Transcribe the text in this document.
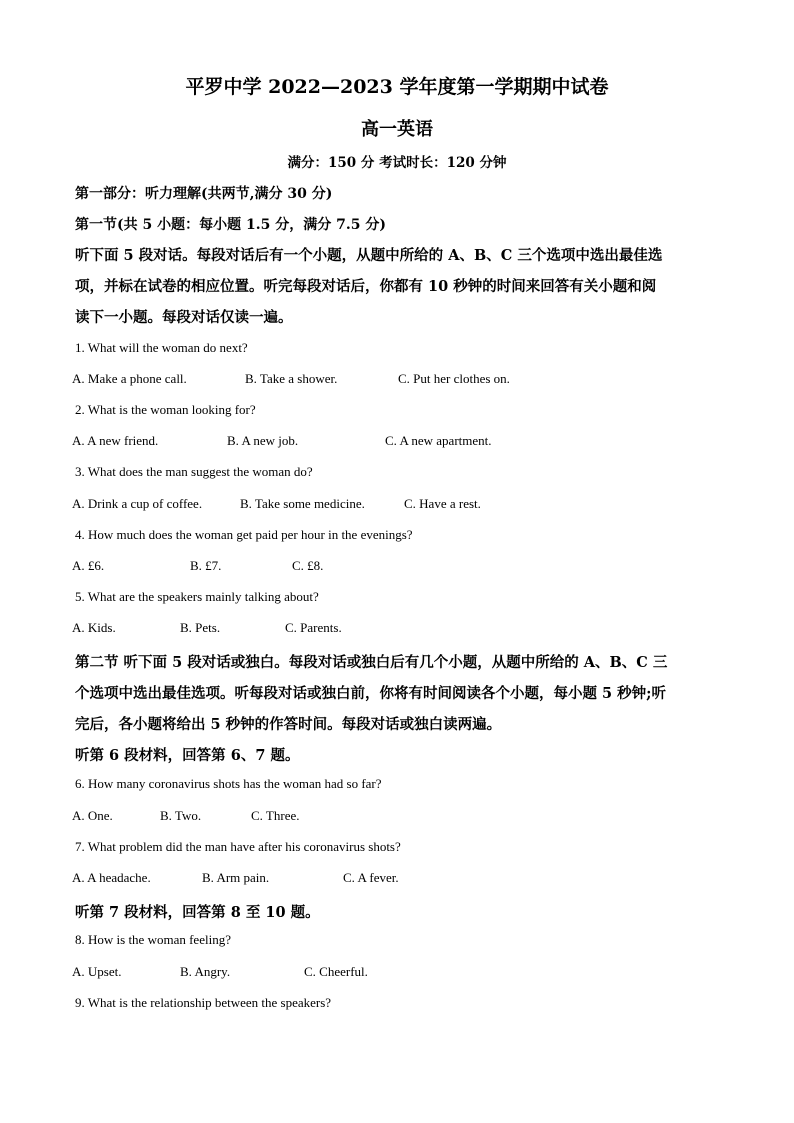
平罗中学 2022—2023 学年度第一学期期中试卷
高一英语
满分：150 分 考试时长：120 分钟
第一部分：听力理解(共两节,满分 30 分)
第一节(共 5 小题：每小题 1.5 分，满分 7.5 分)
听下面 5 段对话。每段对话后有一个小题，从题中所给的 A、B、C 三个选项中选出最佳选
项，并标在试卷的相应位置。听完每段对话后，你都有 10 秒钟的时间来回答有关小题和阅
读下一小题。每段对话仅读一遍。
1. What will the woman do next?
A. Make a phone call.	B. Take a shower.	C. Put her clothes on.
2. What is the woman looking for?
A. A new friend.	B. A new job.	C. A new apartment.
3. What does the man suggest the woman do?
A. Drink a cup of coffee.	B. Take some medicine.	C. Have a rest.
4. How much does the woman get paid per hour in the evenings?
A. £6.	B. £7.	C. £8.
5. What are the speakers mainly talking about?
A. Kids.	B. Pets.	C. Parents.
第二节 听下面 5 段对话或独白。每段对话或独白后有几个小题，从题中所给的 A、B、C 三
个选项中选出最佳选项。听每段对话或独白前，你将有时间阅读各个小题，每小题 5 秒钟;听
完后，各小题将给出 5 秒钟的作答时间。每段对话或独白读两遍。
听第 6 段材料，回答第 6、7 题。
6. How many coronavirus shots has the woman had so far?
A. One.	B. Two.	C. Three.
7. What problem did the man have after his coronavirus shots?
A. A headache.	B. Arm pain.	C. A fever.
听第 7 段材料，回答第 8 至 10 题。
8. How is the woman feeling?
A. Upset.	B. Angry.	C. Cheerful.
9. What is the relationship between the speakers?
